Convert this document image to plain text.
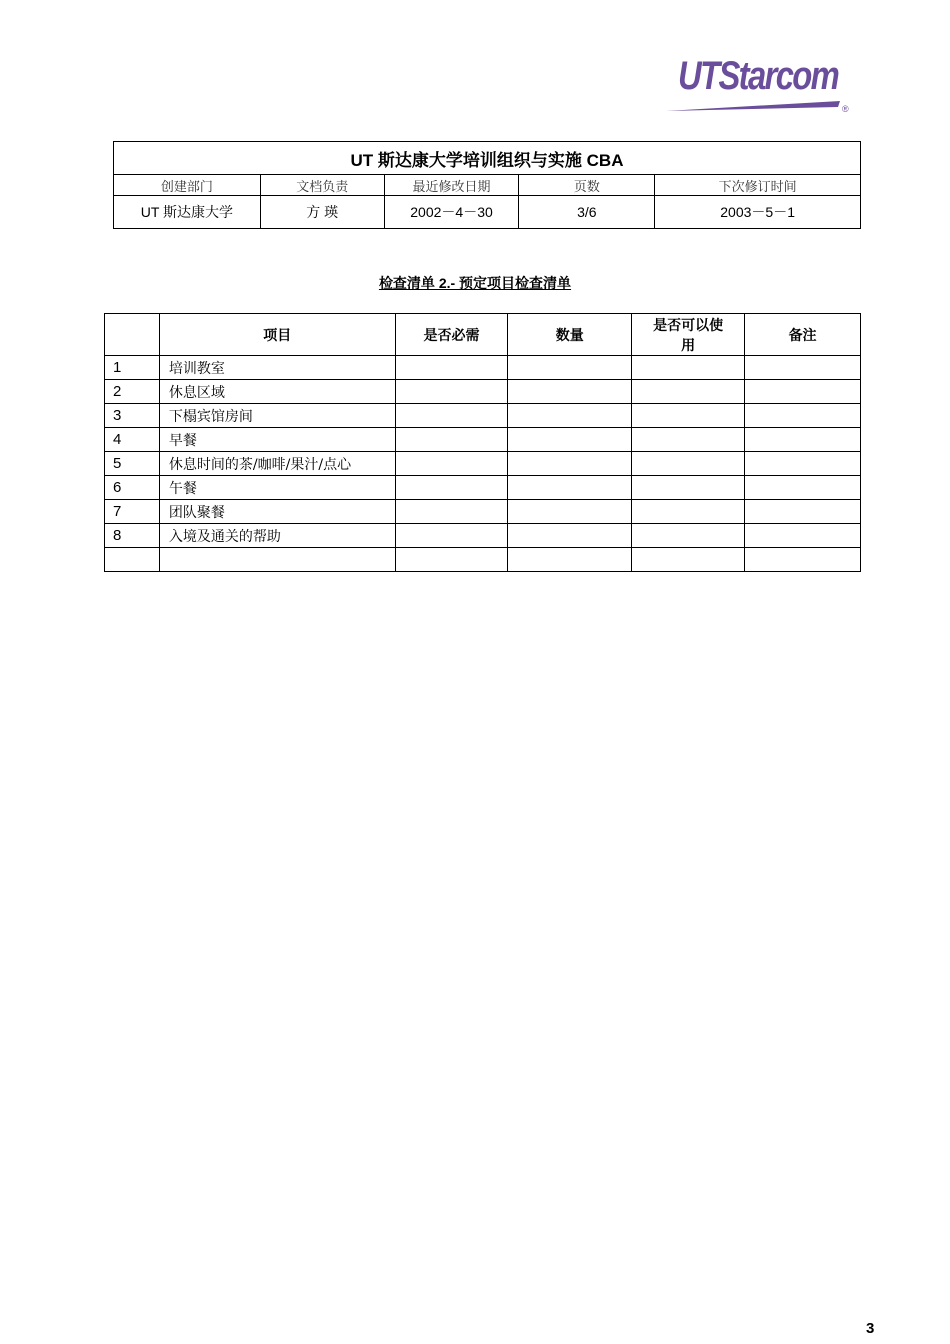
UTStarcom
®
UT 斯达康大学培训组织与实施 CBA				
创建部门	文档负责	最近修改日期	页数	下次修订时间
UT 斯达康大学	方 瑛	2002－4－30	3/6	2003－5－1
检查清单 2.- 预定项目检查清单
	项目	是否必需	数量	是否可以使用	备注
1	培训教室				
2	休息区域				
3	下榻宾馆房间				
4	早餐				
5	休息时间的茶/咖啡/果汁/点心				
6	午餐				
7	团队聚餐				
8	入境及通关的帮助				

3
